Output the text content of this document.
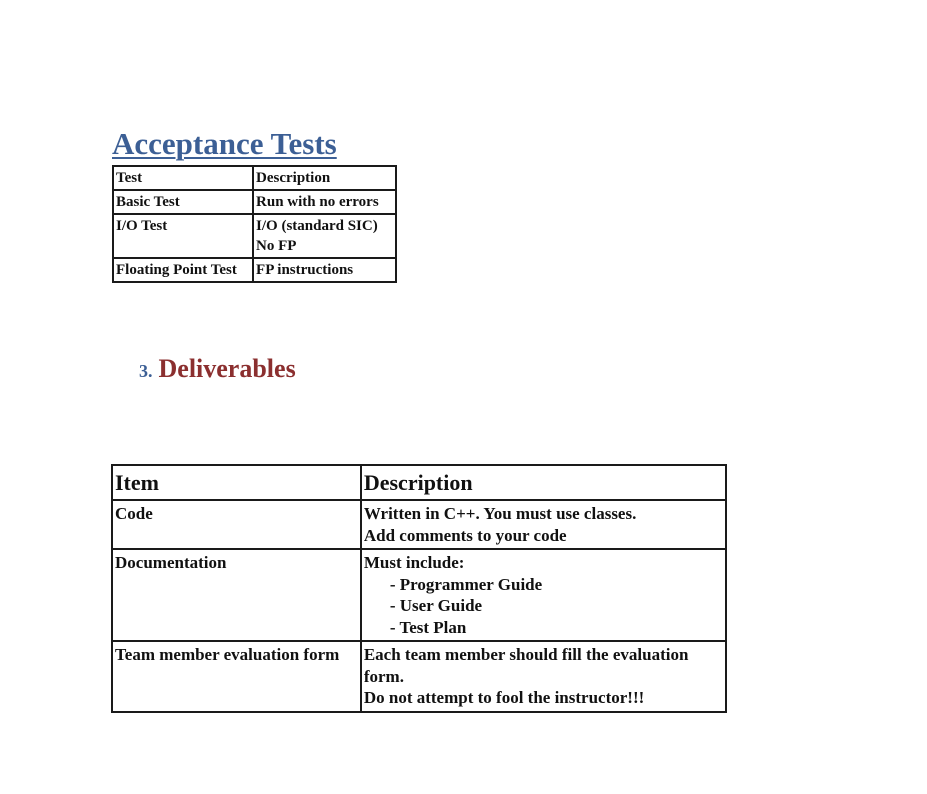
Acceptance Tests
Test	Description
Basic Test	Run with no errors

I/O Test	I/O (standard SIC)
No FP

Floating Point Test	FP instructions
3. Deliverables
Item	Description
Code	Written in C++. You must use classes.
Add comments to your code

Documentation	Must include:
- Programmer Guide
- User Guide
- Test Plan

Team member evaluation form	Each team member should fill the evaluation
form.
Do not attempt to fool the instructor!!!
